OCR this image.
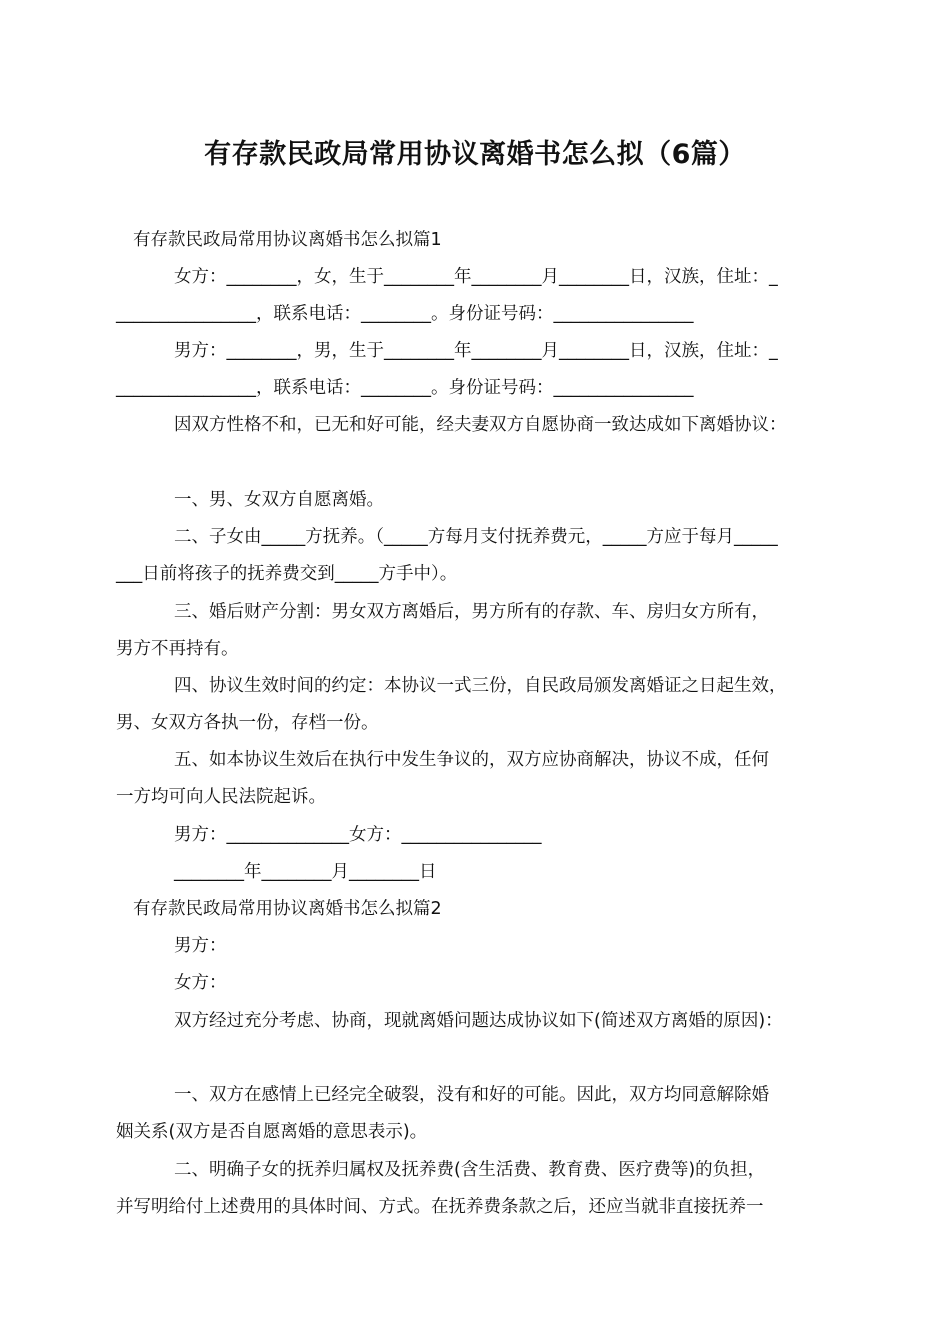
有存款民政局常用协议离婚书怎么拟（6篇）

有存款民政局常用协议离婚书怎么拟篇1

女方：________，女，生于________年________月________日，汉族，住址：_

________________，联系电话：________。身份证号码：________________

男方：________，男，生于________年________月________日，汉族，住址：_

________________，联系电话：________。身份证号码：________________

因双方性格不和，已无和好可能，经夫妻双方自愿协商一致达成如下离婚协议：

一、男、女双方自愿离婚。

二、子女由_____方抚养。（_____方每月支付抚养费元，_____方应于每月_____

___日前将孩子的抚养费交到_____方手中）。

三、婚后财产分割：男女双方离婚后，男方所有的存款、车、房归女方所有，

男方不再持有。

四、协议生效时间的约定：本协议一式三份，自民政局颁发离婚证之日起生效，

男、女双方各执一份，存档一份。

五、如本协议生效后在执行中发生争议的，双方应协商解决，协议不成，任何

一方均可向人民法院起诉。

男方：______________女方：________________

________年________月________日

有存款民政局常用协议离婚书怎么拟篇2

男方：

女方：

双方经过充分考虑、协商，现就离婚问题达成协议如下(简述双方离婚的原因)：

一、双方在感情上已经完全破裂，没有和好的可能。因此，双方均同意解除婚

姻关系(双方是否自愿离婚的意思表示)。

二、明确子女的抚养归属权及抚养费(含生活费、教育费、医疗费等)的负担，

并写明给付上述费用的具体时间、方式。在抚养费条款之后，还应当就非直接抚养一
